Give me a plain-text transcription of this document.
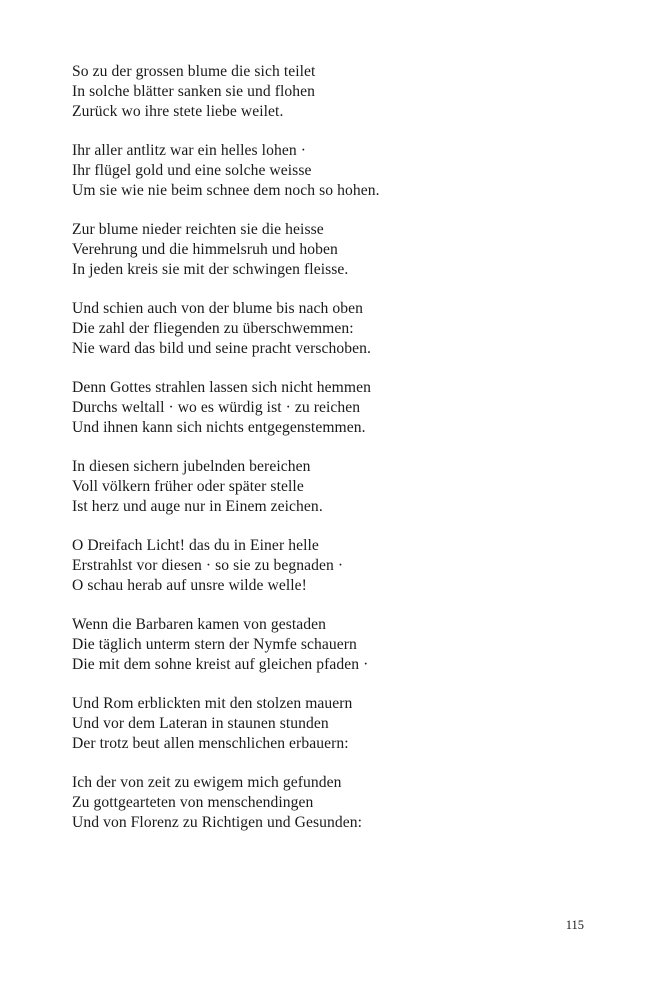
So zu der grossen blume die sich teilet
In solche blätter sanken sie und flohen
Zurück wo ihre stete liebe weilet.
Ihr aller antlitz war ein helles lohen ·
Ihr flügel gold und eine solche weisse
Um sie wie nie beim schnee dem noch so hohen.
Zur blume nieder reichten sie die heisse
Verehrung und die himmelsruh und hoben
In jeden kreis sie mit der schwingen fleisse.
Und schien auch von der blume bis nach oben
Die zahl der fliegenden zu überschwemmen:
Nie ward das bild und seine pracht verschoben.
Denn Gottes strahlen lassen sich nicht hemmen
Durchs weltall · wo es würdig ist · zu reichen
Und ihnen kann sich nichts entgegenstemmen.
In diesen sichern jubelnden bereichen
Voll völkern früher oder später stelle
Ist herz und auge nur in Einem zeichen.
O Dreifach Licht! das du in Einer helle
Erstrahlst vor diesen · so sie zu begnaden ·
O schau herab auf unsre wilde welle!
Wenn die Barbaren kamen von gestaden
Die täglich unterm stern der Nymfe schauern
Die mit dem sohne kreist auf gleichen pfaden ·
Und Rom erblickten mit den stolzen mauern
Und vor dem Lateran in staunen stunden
Der trotz beut allen menschlichen erbauern:
Ich der von zeit zu ewigem mich gefunden
Zu gottgearteten von menschendingen
Und von Florenz zu Richtigen und Gesunden:
115
